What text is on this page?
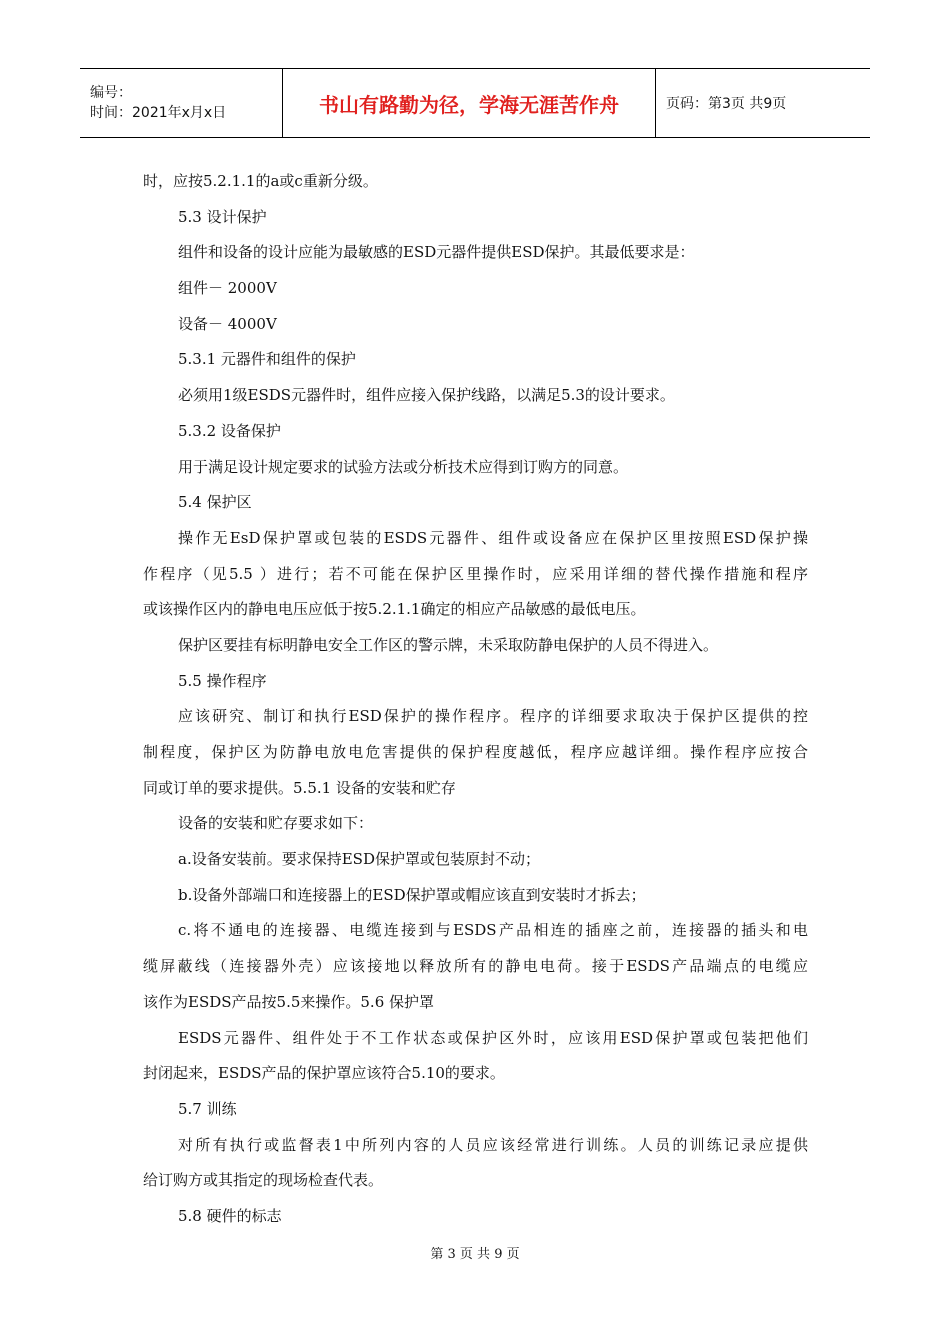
编号：
时间：2021年x月x日	书山有路勤为径，学海无涯苦作舟	页码：第3页 共9页
时，应按5.2.1.1的a或c重新分级。
5.3 设计保护
组件和设备的设计应能为最敏感的ESD元器件提供ESD保护。其最低要求是：
组件－ 2000V
设备－ 4000V
5.3.1 元器件和组件的保护
必须用1级ESDS元器件时，组件应接入保护线路，以满足5.3的设计要求。
5.3.2 设备保护
用于满足设计规定要求的试验方法或分析技术应得到订购方的同意。
5.4 保护区
操作无EsD保护罩或包装的ESDS元器件、组件或设备应在保护区里按照ESD保护操
作程序（见5.5 ）进行；若不可能在保护区里操作时，应采用详细的替代操作措施和程序
或该操作区内的静电电压应低于按5.2.1.1确定的相应产品敏感的最低电压。
保护区要挂有标明静电安全工作区的警示牌，未采取防静电保护的人员不得进入。
5.5 操作程序
应该研究、制订和执行ESD保护的操作程序。程序的详细要求取决于保护区提供的控
制程度，保护区为防静电放电危害提供的保护程度越低，程序应越详细。操作程序应按合
同或订单的要求提供。5.5.1 设备的安装和贮存
设备的安装和贮存要求如下：
a.设备安装前。要求保持ESD保护罩或包装原封不动；
b.设备外部端口和连接器上的ESD保护罩或帽应该直到安装时才拆去；
c.将不通电的连接器、电缆连接到与ESDS产品相连的插座之前，连接器的插头和电
缆屏蔽线（连接器外壳）应该接地以释放所有的静电电荷。接于ESDS产品端点的电缆应
该作为ESDS产品按5.5来操作。5.6 保护罩
ESDS元器件、组件处于不工作状态或保护区外时，应该用ESD保护罩或包装把他们
封闭起来，ESDS产品的保护罩应该符合5.10的要求。
5.7 训练
对所有执行或监督表1中所列内容的人员应该经常进行训练。人员的训练记录应提供
给订购方或其指定的现场检查代表。
5.8 硬件的标志
第 3 页 共 9 页
